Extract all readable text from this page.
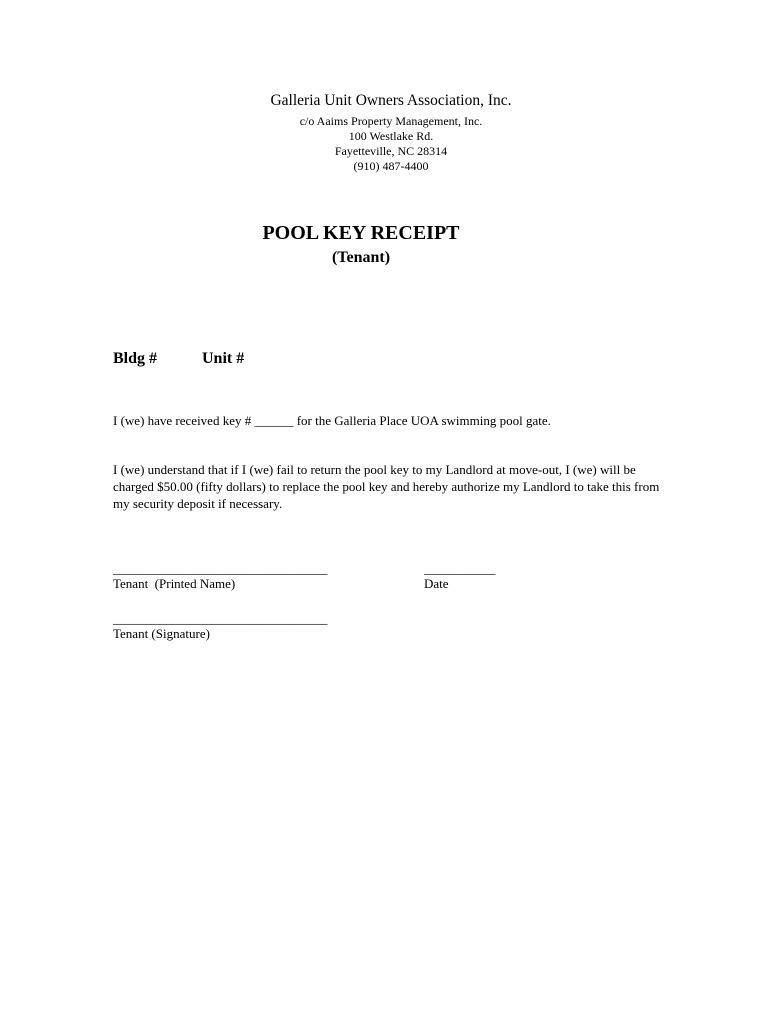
Galleria Unit Owners Association, Inc.
c/o Aaims Property Management, Inc.
100 Westlake Rd.
Fayetteville, NC 28314
(910) 487-4400
POOL KEY RECEIPT
(Tenant)
Bldg #	Unit #

I (we) have received key # ______ for the Galleria Place UOA swimming pool gate.

I (we) understand that if I (we) fail to return the pool key to my Landlord at move-out, I (we) will be charged $50.00 (fifty dollars) to replace the pool key and hereby authorize my Landlord to take this from my security deposit if necessary.

_________________________________
Tenant  (Printed Name)
___________
Date
_________________________________
Tenant (Signature)
